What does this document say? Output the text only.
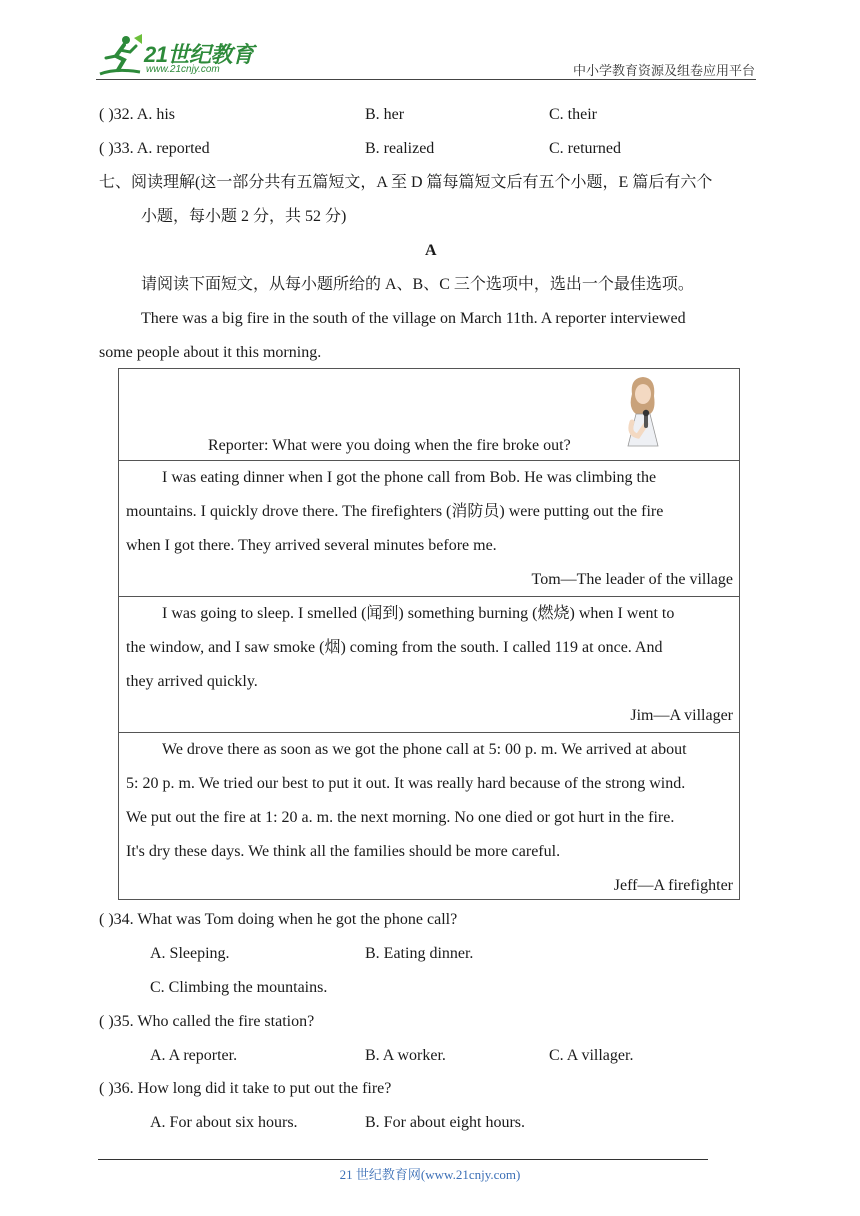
21世纪教育
www.21cnjy.com	中小学教育资源及组卷应用平台
( )32. A. his	B. her	C. their
( )33. A. reported	B. realized	C. returned
七、阅读理解(这一部分共有五篇短文，A 至 D 篇每篇短文后有五个小题，E 篇后有六个
小题，每小题 2 分，共 52 分)
A
请阅读下面短文，从每小题所给的 A、B、C 三个选项中，选出一个最佳选项。
There was a big fire in the south of the village on March 11th. A reporter interviewed
some people about it this morning.
Reporter: What were you doing when the fire broke out?
I was eating dinner when I got the phone call from Bob. He was climbing the
mountains. I quickly drove there. The firefighters (消防员) were putting out the fire
when I got there. They arrived several minutes before me.
Tom—The leader of the village
I was going to sleep. I smelled (闻到) something burning (燃烧) when I went to
the window, and I saw smoke (烟) coming from the south. I called 119 at once. And
they arrived quickly.
Jim—A villager
We drove there as soon as we got the phone call at 5: 00 p. m. We arrived at about
5: 20 p. m. We tried our best to put it out. It was really hard because of the strong wind.
We put out the fire at 1: 20 a. m. the next morning. No one died or got hurt in the fire.
It's dry these days. We think all the families should be more careful.
Jeff—A firefighter
( )34. What was Tom doing when he got the phone call?
A. Sleeping.	B. Eating dinner.
C. Climbing the mountains.
( )35. Who called the fire station?
A. A reporter.	B. A worker.	C. A villager.
( )36. How long did it take to put out the fire?
A. For about six hours.	B. For about eight hours.
21 世纪教育网(www.21cnjy.com)
